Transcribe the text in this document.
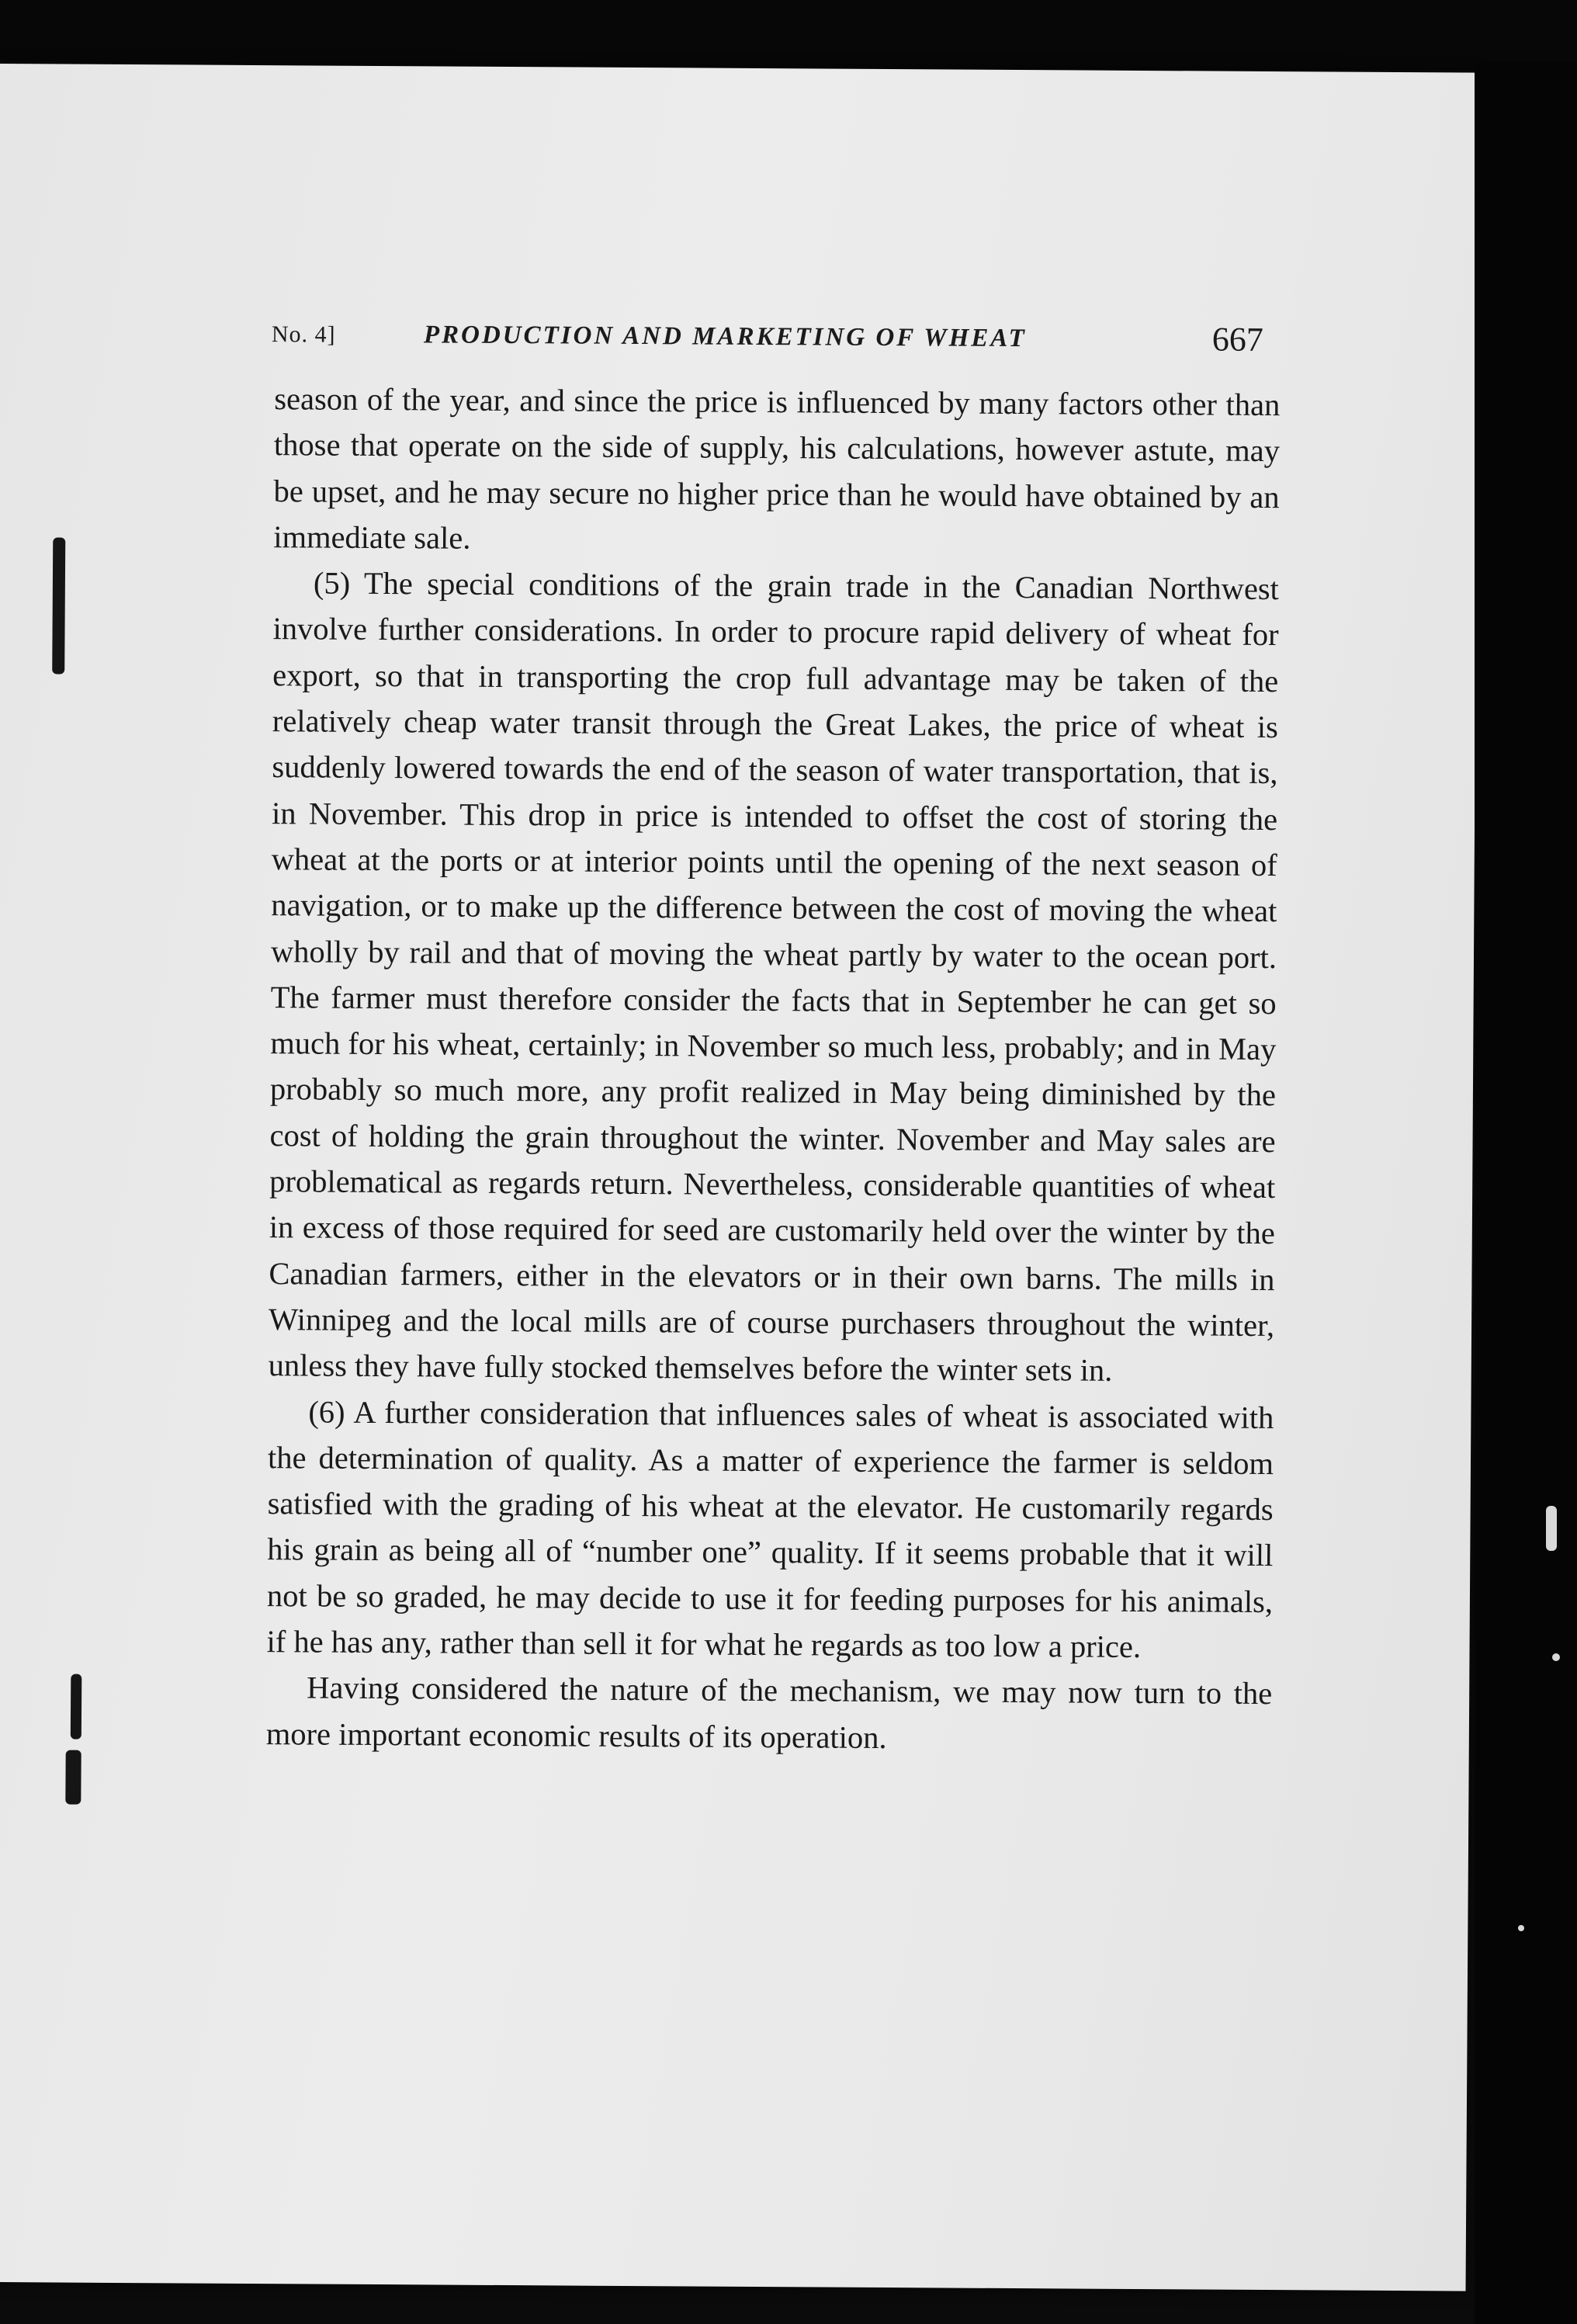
No. 4]	PRODUCTION AND MARKETING OF WHEAT	667

season of the year, and since the price is influenced by many factors other than those that operate on the side of supply, his calculations, however astute, may be upset, and he may secure no higher price than he would have obtained by an immediate sale.

(5) The special conditions of the grain trade in the Canadian Northwest involve further considerations. In order to procure rapid delivery of wheat for export, so that in transporting the crop full advantage may be taken of the relatively cheap water transit through the Great Lakes, the price of wheat is suddenly lowered towards the end of the season of water transportation, that is, in November. This drop in price is intended to offset the cost of storing the wheat at the ports or at interior points until the opening of the next season of navigation, or to make up the difference between the cost of moving the wheat wholly by rail and that of moving the wheat partly by water to the ocean port. The farmer must therefore consider the facts that in September he can get so much for his wheat, certainly; in November so much less, probably; and in May probably so much more, any profit realized in May being diminished by the cost of holding the grain throughout the winter. November and May sales are problematical as regards return. Nevertheless, considerable quantities of wheat in excess of those required for seed are customarily held over the winter by the Canadian farmers, either in the elevators or in their own barns. The mills in Winnipeg and the local mills are of course purchasers throughout the winter, unless they have fully stocked themselves before the winter sets in.

(6) A further consideration that influences sales of wheat is associated with the determination of quality. As a matter of experience the farmer is seldom satisfied with the grading of his wheat at the elevator. He customarily regards his grain as being all of “number one” quality. If it seems probable that it will not be so graded, he may decide to use it for feeding purposes for his animals, if he has any, rather than sell it for what he regards as too low a price.

Having considered the nature of the mechanism, we may now turn to the more important economic results of its operation.
